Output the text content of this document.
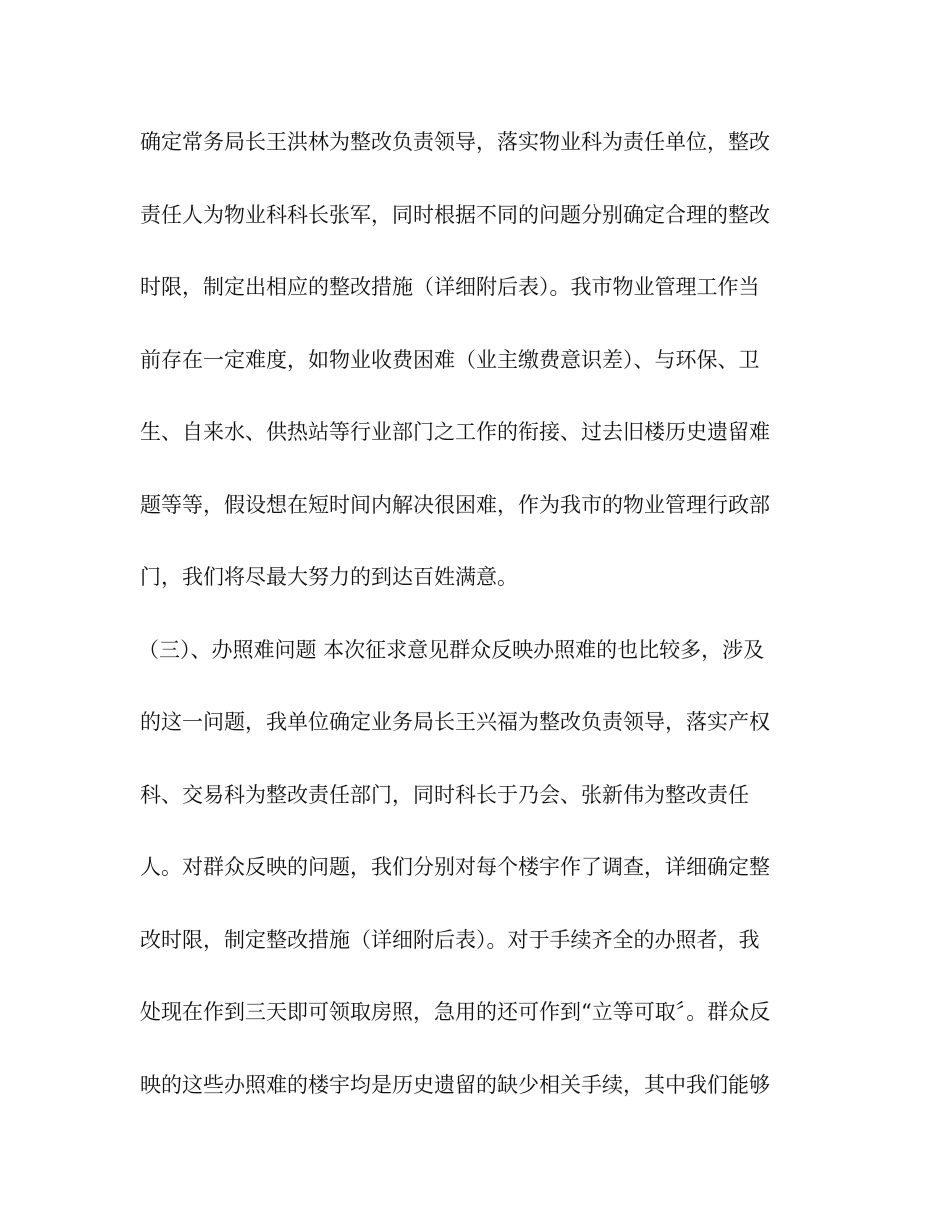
确定常务局长王洪林为整改负责领导，落实物业科为责任单位，整改
责任人为物业科科长张军，同时根据不同的问题分别确定合理的整改
时限，制定出相应的整改措施（详细附后表）。我市物业管理工作当
前存在一定难度，如物业收费困难（业主缴费意识差）、与环保、卫
生、自来水、供热站等行业部门之工作的衔接、过去旧楼历史遗留难
题等等，假设想在短时间内解决很困难，作为我市的物业管理行政部
门，我们将尽最大努力的到达百姓满意。
（三）、办照难问题 本次征求意见群众反映办照难的也比较多，涉及
的这一问题，我单位确定业务局长王兴福为整改负责领导，落实产权
科、交易科为整改责任部门，同时科长于乃会、张新伟为整改责任
人。对群众反映的问题，我们分别对每个楼宇作了调查，详细确定整
改时限，制定整改措施（详细附后表）。对于手续齐全的办照者，我
处现在作到三天即可领取房照，急用的还可作到“立等可取〞。群众反
映的这些办照难的楼宇均是历史遗留的缺少相关手续，其中我们能够
